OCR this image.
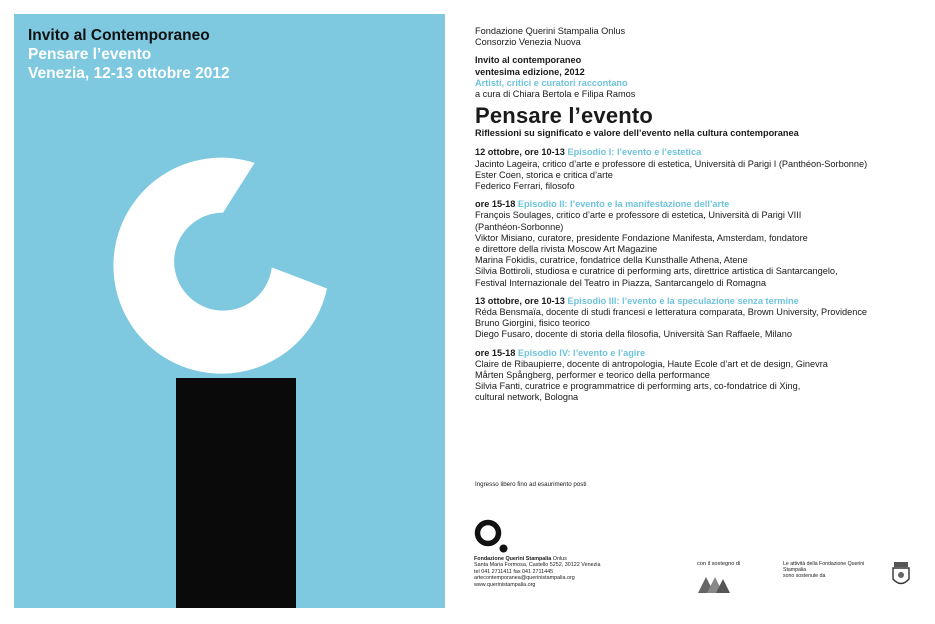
Invito al Contemporaneo
Pensare l’evento
Venezia, 12-13 ottobre 2012

Fondazione Querini Stampalia Onlus

Consorzio Venezia Nuova

Invito al contemporaneo

ventesima edizione, 2012

Artisti, critici e curatori raccontano

a cura di Chiara Bertola e Filipa Ramos

Pensare l’evento
Riflessioni su significato e valore dell’evento nella cultura contemporanea

12 ottobre, ore 10-13 Episodio I: l’evento e l’estetica

Jacinto Lageira, critico d’arte e professore di estetica, Università di Parigi I (Panthéon-Sorbonne)

Ester Coen, storica e critica d’arte

Federico Ferrari, filosofo

ore 15-18 Episodio II: l’evento e la manifestazione dell’arte

François Soulages, critico d’arte e professore di estetica, Università di Parigi VIII

(Panthéon-Sorbonne)

Viktor Misiano, curatore, presidente Fondazione Manifesta, Amsterdam, fondatore

e direttore della rivista Moscow Art Magazine

Marina Fokidis, curatrice, fondatrice della Kunsthalle Athena, Atene

Silvia Bottiroli, studiosa e curatrice di performing arts, direttrice artistica di Santarcangelo,

Festival Internazionale del Teatro in Piazza, Santarcangelo di Romagna

13 ottobre, ore 10-13 Episodio III: l’evento e la speculazione senza termine

Réda Bensmaïa, docente di studi francesi e letteratura comparata, Brown University, Providence

Bruno Giorgini, fisico teorico

Diego Fusaro, docente di storia della filosofia, Università San Raffaele, Milano

ore 15-18 Episodio IV: l’evento e l’agire

Claire de Ribaupierre, docente di antropologia, Haute Ecole d’art et de design, Ginevra

Mårten Spångberg, performer e teorico della performance

Silvia Fanti, curatrice e programmatrice di performing arts, co-fondatrice di Xing,

cultural network, Bologna

Ingresso libero fino ad esaurimento posti
Fondazione Querini Stampalia Onlus
Santa Maria Formosa, Castello 5252, 30122 Venezia
tel 041 2711411 fax 041 2711445
artecontemporanea@querinistampalia.org
www.querinistampalia.org
con il sostegno di	Le attività della Fondazione Querini Stampalia
sono sostenute da
